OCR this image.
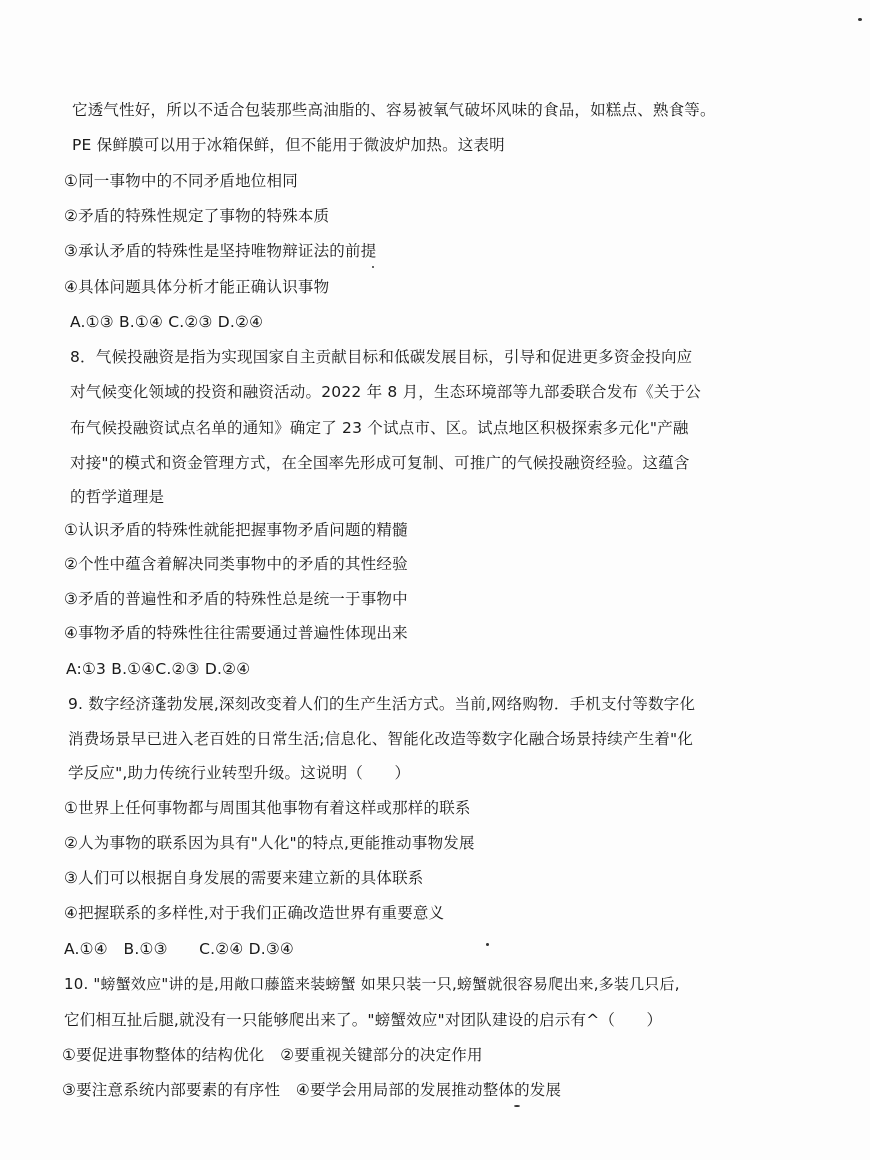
它透气性好，所以不适合包装那些高油脂的、容易被氧气破坏风味的食品，如糕点、熟食等。
PE 保鲜膜可以用于冰箱保鲜，但不能用于微波炉加热。这表明
①同一事物中的不同矛盾地位相同
②矛盾的特殊性规定了事物的特殊本质
③承认矛盾的特殊性是坚持唯物辩证法的前提
④具体问题具体分析才能正确认识事物
A.①③ B.①④ C.②③ D.②④
8．气候投融资是指为实现国家自主贡献目标和低碳发展目标，引导和促进更多资金投向应
对气候变化领域的投资和融资活动。2022 年 8 月，生态环境部等九部委联合发布《关于公
布气候投融资试点名单的通知》确定了 23 个试点市、区。试点地区积极探索多元化"产融
对接"的模式和资金管理方式，在全国率先形成可复制、可推广的气候投融资经验。这蕴含
的哲学道理是
①认识矛盾的特殊性就能把握事物矛盾问题的精髓
②个性中蕴含着解决同类事物中的矛盾的其性经验
③矛盾的普遍性和矛盾的特殊性总是统一于事物中
④事物矛盾的特殊性往往需要通过普遍性体现出来
A:①3 B.①④C.②③ D.②④
9. 数字经济蓬勃发展,深刻改变着人们的生产生活方式。当前,网络购物．手机支付等数字化
消费场景早已进入老百姓的日常生活;信息化、智能化改造等数字化融合场景持续产生着"化
学反应",助力传统行业转型升级。这说明（　　）
①世界上任何事物都与周围其他事物有着这样或那样的联系
②人为事物的联系因为具有"人化"的特点,更能推动事物发展
③人们可以根据自身发展的需要来建立新的具体联系
④把握联系的多样性,对于我们正确改造世界有重要意义
A.①④　B.①③　　C.②④ D.③④
10. "螃蟹效应"讲的是,用敞口藤篮来装螃蟹 如果只装一只,螃蟹就很容易爬出来,多装几只后,
它们相互扯后腿,就没有一只能够爬出来了。"螃蟹效应"对团队建设的启示有^（　　）
①要促进事物整体的结构优化　②要重视关键部分的决定作用
③要注意系统内部要素的有序性　④要学会用局部的发展推动整体的发展
